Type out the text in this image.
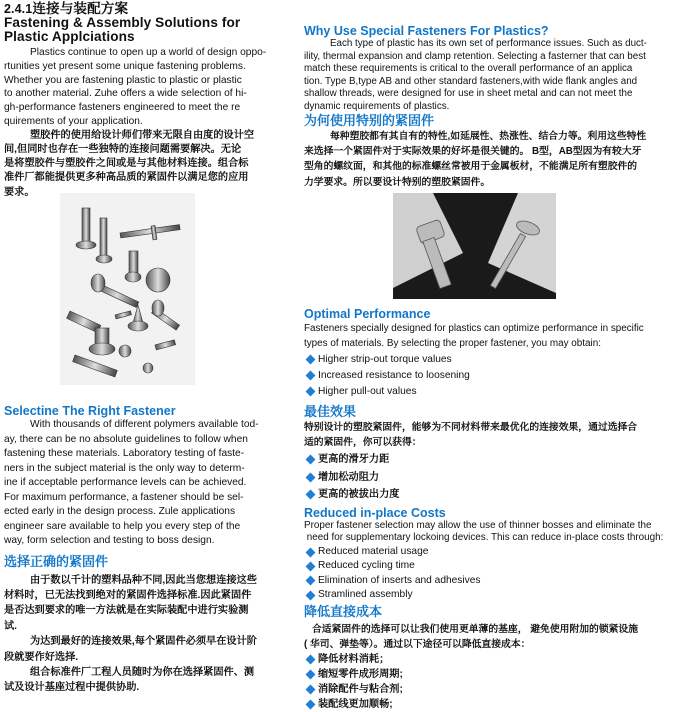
2.4.1连接与装配方案
Fastening & Assembly Solutions for
Plastic Applciations

Plastics continue to open up a world of design oppo-

rtunities yet present some unique fastening problems.

Whether you are fastening plastic to plastic or plastic

to another material. Zuhe offers a wide selection of hi-

gh-performance fasteners engineered to meet the re

quirements of your application.

塑胶件的使用给设计师们带来无限自由度的设计空

间,但同时也存在一些独特的连接问题需要解决。无论

是将塑胶件与塑胶件之间或是与其他材料连接。组合标

准件厂都能提供更多种高品质的紧固件以满足您的应用

要求。

Selectine The Right Fastener

With thousands of different polymers available tod-

ay, there can be no absolute guidelines to follow when

fastening these materials. Laboratory testing of faste-

ners in the subject material is the only way to determ-

ine if acceptable performance levels can be achieved.

For maximum performance, a fastener should be sel-

ected early in the design process. Zule applications

engineer sare available to help you every step of the

way, form selection and testing to boss design.

选择正确的紧固件

由于数以千计的塑料品种不同,因此当您想连接这些

材料时，已无法找到绝对的紧固件选择标准.因此紧固件

是否达到要求的唯一方法就是在实际装配中进行实验测

试.

为达到最好的连接效果,每个紧固件必须早在设计阶

段就要作好选择.

组合标准件厂工程人员随时为你在选择紧固件、测

试及设计基座过程中提供协助.

Why Use Special Fasteners For Plastics?

Each type of plastic has its own set of performance issues. Such as duct-

ility, thermal expansion and clamp retention. Selecting a fasterner that can best

match these requirements is critical to the overall performance of an applica

tion. Type B,type AB and other standard fasteners,with wide flank angles and

shallow threads, were designed for use in sheet metal and can not meet the

dynamic requirements of plastics.

为何使用特别的紧固件

每种塑胶都有其自有的特性,如延展性、热涨性、结合力等。利用这些特性

来选择一个紧固件对于实际效果的好坏是很关键的。 B型，AB型因为有较大牙

型角的螺纹面，和其他的标准螺丝常被用于金属板材，不能满足所有塑胶件的

力学要求。所以要设计特别的塑胶紧固件。

Optimal Performance

Fasteners specially designed for plastics can optimize performance in specific

types of materials. By selecting the proper fastener, you may obtain:

Higher strip-out torque values
Increased resistance to loosening
Higher pull-out values
最佳效果

特别设计的塑胶紧固件，能够为不同材料带来最优化的连接效果，通过选择合

适的紧固件，你可以获得：

更高的滑牙力距
增加松动阻力
更高的被拔出力度
Reduced in-place Costs

Proper fastener selection may allow the use of thinner bosses and eliminate the

need for supplementary lockoing devices. This can reduce in-place costs through:

Reduced material usage
Reduced cycling time
Elimination of inserts and adhesives
Stramlined assembly
降低直接成本

合适紧固件的选择可以让我们使用更单薄的基座， 避免使用附加的锁紧设施

( 华司、弹垫等）。通过以下途径可以降低直接成本：

降低材料消耗；
缩短零件成形周期;
消除配件与粘合剂;
装配线更加顺畅;
